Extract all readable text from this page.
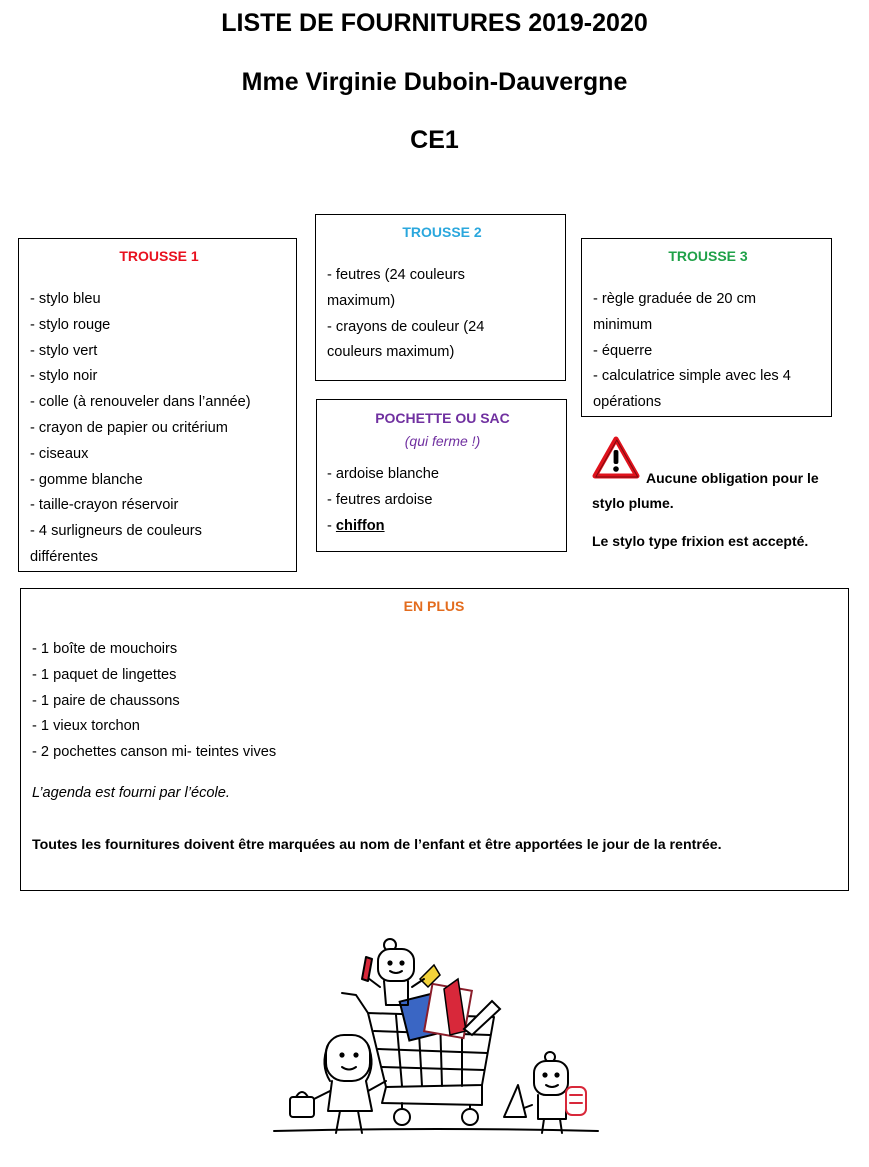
LISTE DE FOURNITURES 2019-2020
Mme Virginie Duboin-Dauvergne
CE1
TROUSSE 1
- stylo bleu
- stylo rouge
- stylo vert
- stylo noir
- colle (à renouveler dans l’année)
- crayon de papier ou critérium
- ciseaux
- gomme blanche
- taille-crayon réservoir
- 4 surligneurs de couleurs
différentes
TROUSSE 2
- feutres (24 couleurs
maximum)
- crayons de couleur (24
couleurs maximum)
POCHETTE OU SAC
(qui ferme !)
- ardoise blanche
- feutres ardoise
- chiffon
TROUSSE 3
- règle graduée de 20 cm
minimum
- équerre
- calculatrice simple avec les 4
opérations
Aucune obligation pour le
stylo plume.
Le stylo type frixion est accepté.
EN PLUS
- 1 boîte de mouchoirs
- 1 paquet de lingettes
- 1 paire de chaussons
- 1 vieux torchon
- 2 pochettes canson mi- teintes vives
L’agenda est fourni par l’école.
Toutes les fournitures doivent être marquées au nom de l’enfant et être apportées le jour de la rentrée.
